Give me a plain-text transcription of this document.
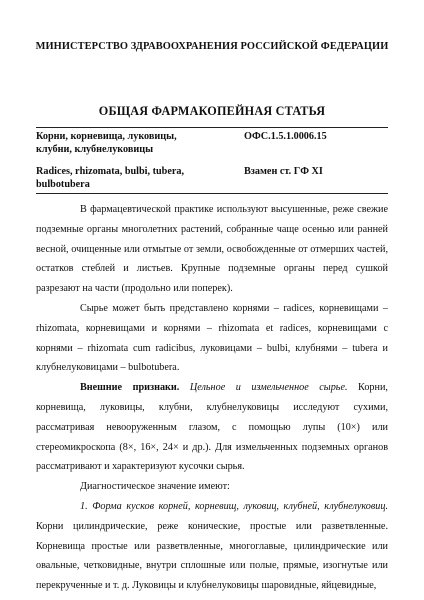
МИНИСТЕРСТВО ЗДРАВООХРАНЕНИЯ РОССИЙСКОЙ ФЕДЕРАЦИИ
ОБЩАЯ ФАРМАКОПЕЙНАЯ СТАТЬЯ
Корни, корневища, луковицы,
клубни, клубнелуковицы
ОФС.1.5.1.0006.15
Radices, rhizomata, bulbi, tubera,
bulbotubera
Взамен ст. ГФ XI

В фармацевтической практике используют высушенные, реже свежие подземные органы многолетних растений, собранные чаще осенью или ранней весной, очищенные или отмытые от земли, освобожденные от отмерших частей, остатков стеблей и листьев. Крупные подземные органы перед сушкой разрезают на части (продольно или поперек).

Сырье может быть представлено корнями – radices, корневищами – rhizomata, корневищами и корнями – rhizomata et radices, корневищами с корнями – rhizomata cum radicibus, луковицами – bulbi, клубнями – tubera и клубнелуковицами – bulbotubera.

Внешние признаки. Цельное и измельченное сырье. Корни, корневища, луковицы, клубни, клубнелуковицы исследуют сухими, рассматривая невооруженным глазом, с помощью лупы (10×) или стереомикроскопа (8×, 16×, 24× и др.). Для измельченных подземных органов рассматривают и характеризуют кусочки сырья.

Диагностическое значение имеют:

1. Форма кусков корней, корневищ, луковиц, клубней, клубнелуковиц. Корни цилиндрические, реже конические, простые или разветвленные. Корневища простые или разветвленные, многоглавые, цилиндрические или овальные, четковидные, внутри сплошные или полые, прямые, изогнутые или перекрученные и т. д. Луковицы и клубнелуковицы шаровидные, яйцевидные,
